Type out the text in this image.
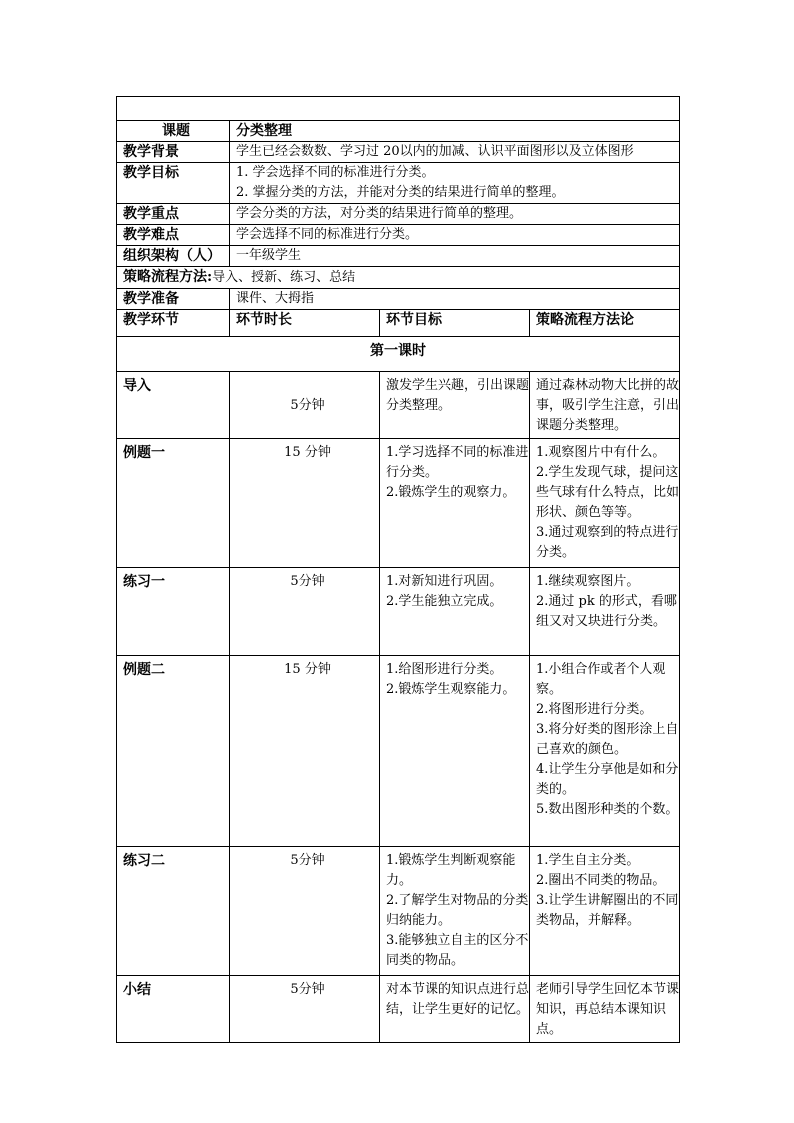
课题	分类整理		
教学背景	学生已经会数数、学习过 20以内的加减、认识平面图形以及立体图形		
教学目标	1. 学会选择不同的标准进行分类。
2. 掌握分类的方法，并能对分类的结果进行简单的整理。		

教学重点	学会分类的方法，对分类的结果进行简单的整理。		
教学难点	学会选择不同的标准进行分类。		
组织架构（人）	一年级学生		
策略流程方法:导入、授新、练习、总结			
教学准备	课件、大拇指		
教学环节	环节时长	环节目标	策略流程方法论
第一课时			
导入	5分钟	激发学生兴趣，引出课题分类整理。	通过森林动物大比拼的故事，吸引学生注意，引出课题分类整理。

例题一	15 分钟	1.学习选择不同的标准进行分类。
2.锻炼学生的观察力。	1.观察图片中有什么。
2.学生发现气球，提问这些气球有什么特点，比如形状、颜色等等。
3.通过观察到的特点进行分类。

练习一	5分钟	1.对新知进行巩固。
2.学生能独立完成。	1.继续观察图片。
2.通过 pk 的形式，看哪组又对又块进行分类。

例题二	15 分钟	1.给图形进行分类。
2.锻炼学生观察能力。	1.小组合作或者个人观察。
2.将图形进行分类。
3.将分好类的图形涂上自己喜欢的颜色。
4.让学生分享他是如和分类的。
5.数出图形种类的个数。

练习二	5分钟	1.锻炼学生判断观察能力。
2.了解学生对物品的分类归纳能力。
3.能够独立自主的区分不同类的物品。	1.学生自主分类。
2.圈出不同类的物品。
3.让学生讲解圈出的不同类物品，并解释。

小结	5分钟	对本节课的知识点进行总结，让学生更好的记忆。	老师引导学生回忆本节课知识，再总结本课知识点。
